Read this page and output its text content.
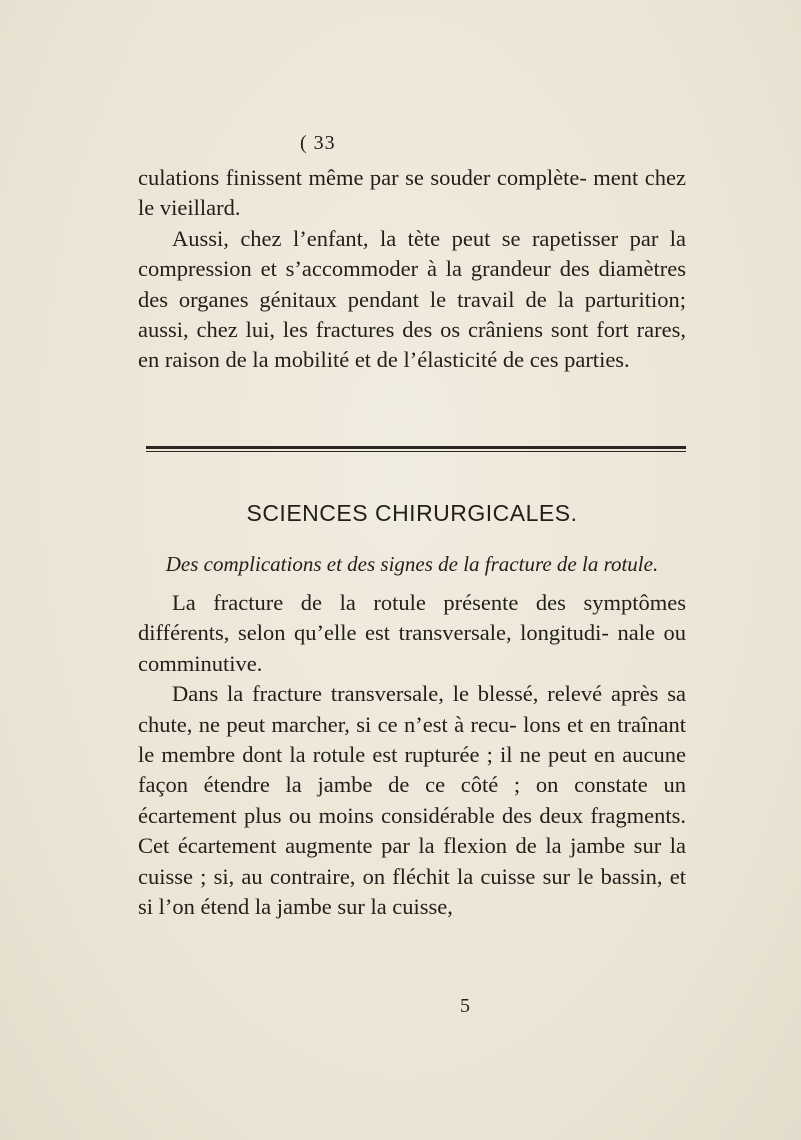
( 33

culations finissent même par se souder complète- ment chez le vieillard.

Aussi, chez l’enfant, la tète peut se rapetisser par la compression et s’accommoder à la grandeur des diamètres des organes génitaux pendant le travail de la parturition; aussi, chez lui, les fractures des os crâniens sont fort rares, en raison de la mobilité et de l’élasticité de ces parties.

SCIENCES CHIRURGICALES.
Des complications et des signes de la fracture de la rotule.

La fracture de la rotule présente des symptômes différents, selon qu’elle est transversale, longitudi- nale ou comminutive.

Dans la fracture transversale, le blessé, relevé après sa chute, ne peut marcher, si ce n’est à recu- lons et en traînant le membre dont la rotule est rupturée ; il ne peut en aucune façon étendre la jambe de ce côté ; on constate un écartement plus ou moins considérable des deux fragments. Cet écartement augmente par la flexion de la jambe sur la cuisse ; si, au contraire, on fléchit la cuisse sur le bassin, et si l’on étend la jambe sur la cuisse,

5
